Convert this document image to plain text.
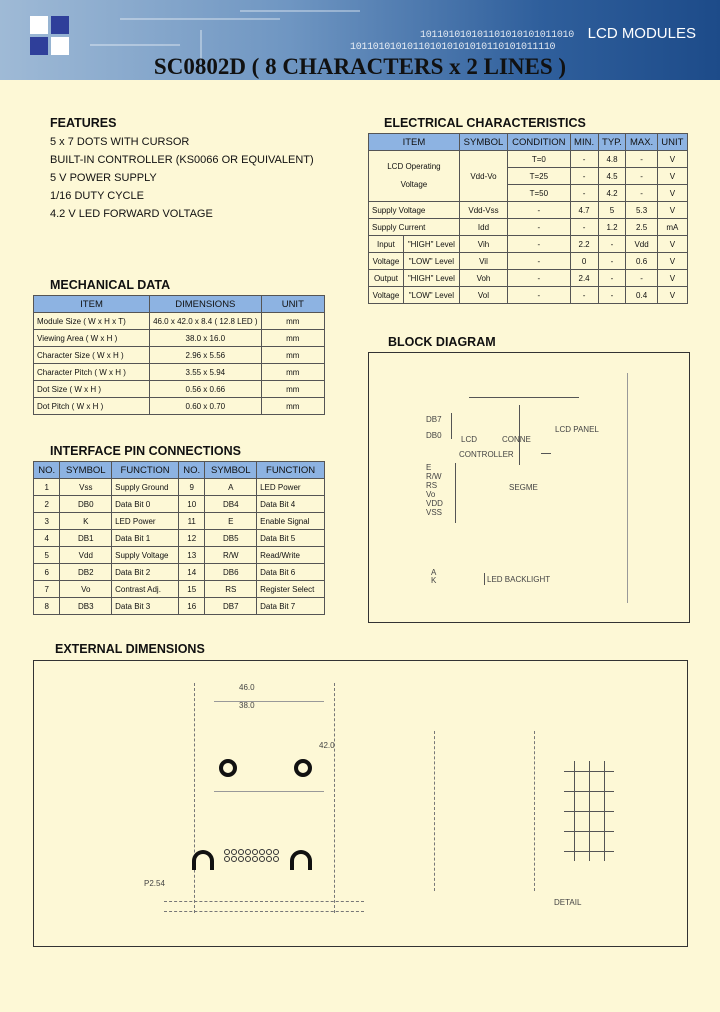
101101010101101010101011010
101101010101101010101010110101011110
LCD MODULES
SC0802D ( 8 CHARACTERS x 2 LINES )
FEATURES
5 x 7 DOTS WITH CURSOR
BUILT-IN CONTROLLER (KS0066 OR EQUIVALENT)
5 V POWER SUPPLY
1/16 DUTY CYCLE
4.2 V LED FORWARD VOLTAGE
MECHANICAL DATA
ITEM	DIMENSIONS	UNIT
Module Size ( W x H x T)	46.0 x 42.0 x 8.4 ( 12.8 LED )	mm
Viewing Area ( W x H )	38.0 x 16.0	mm
Character Size ( W x H )	2.96 x 5.56	mm
Character Pitch ( W x H )	3.55 x 5.94	mm
Dot Size ( W x H )	0.56 x 0.66	mm
Dot Pitch ( W x H )	0.60 x 0.70	mm
INTERFACE PIN CONNECTIONS
NO.	SYMBOL	FUNCTION	NO.	SYMBOL	FUNCTION
1	Vss	Supply Ground	9	A	LED Power
2	DB0	Data Bit 0	10	DB4	Data Bit 4
3	K	LED Power	11	E	Enable Signal
4	DB1	Data Bit 1	12	DB5	Data Bit 5
5	Vdd	Supply Voltage	13	R/W	Read/Write
6	DB2	Data Bit 2	14	DB6	Data Bit 6
7	Vo	Contrast Adj.	15	RS	Register Select
8	DB3	Data Bit 3	16	DB7	Data Bit 7
ELECTRICAL CHARACTERISTICS
ITEM		SYMBOL	CONDITION	MIN.	TYP.	MAX.	UNIT
LCD Operating
Voltage		Vdd-Vo	T=0	-	4.8	-	V
			T=25	-	4.5	-	V
			T=50	-	4.2	-	V
Supply Voltage		Vdd-Vss	-	4.7	5	5.3	V
Supply Current		Idd	-	-	1.2	2.5	mA
Input	"HIGH" Level	Vih	-	2.2	-	Vdd	V
Voltage	"LOW" Level	Vil	-	0	-	0.6	V
Output	"HIGH" Level	Voh	-	2.4	-	-	V
Voltage	"LOW" Level	Vol	-	-	-	0.4	V
BLOCK DIAGRAM
DB7
DB0 LCD
CONTROLLER
CONNE
LCD PANEL
SEGME
E
R/W
RS
Vo
VDD
VSS
A
K	LED BACKLIGHT
EXTERNAL DIMENSIONS
46.0
38.0
P2.54
42.0
DETAIL
